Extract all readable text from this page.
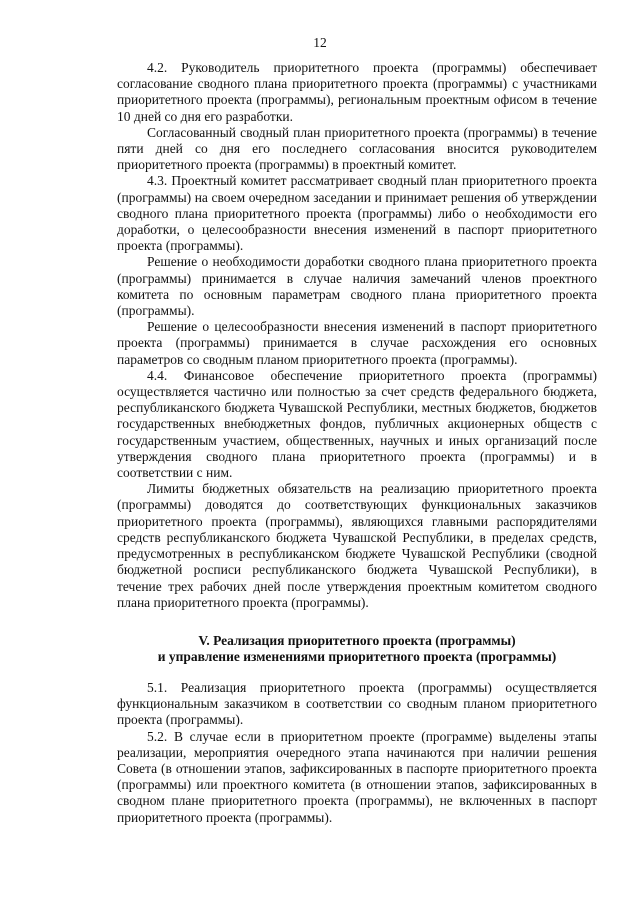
12

4.2. Руководитель приоритетного проекта (программы) обеспечивает согласование сводного плана приоритетного проекта (программы) с участниками приоритетного проекта (программы), региональным проектным офисом в течение 10 дней со дня его разработки.

Согласованный сводный план приоритетного проекта (программы) в течение пяти дней со дня его последнего согласования вносится руководителем приоритетного проекта (программы) в проектный комитет.

4.3. Проектный комитет рассматривает сводный план приоритетного проекта (программы) на своем очередном заседании и принимает решения об утверждении сводного плана приоритетного проекта (программы) либо о необходимости его доработки, о целесообразности внесения изменений в паспорт приоритетного проекта (программы).

Решение о необходимости доработки сводного плана приоритетного проекта (программы) принимается в случае наличия замечаний членов проектного комитета по основным параметрам сводного плана приоритетного проекта (программы).

Решение о целесообразности внесения изменений в паспорт приоритетного проекта (программы) принимается в случае расхождения его основных параметров со сводным планом приоритетного проекта (программы).

4.4. Финансовое обеспечение приоритетного проекта (программы) осуществляется частично или полностью за счет средств федерального бюджета, республиканского бюджета Чувашской Республики, местных бюджетов, бюджетов государственных внебюджетных фондов, публичных акционерных обществ с государственным участием, общественных, научных и иных организаций после утверждения сводного плана приоритетного проекта (программы) и в соответствии с ним.

Лимиты бюджетных обязательств на реализацию приоритетного проекта (программы) доводятся до соответствующих функциональных заказчиков приоритетного проекта (программы), являющихся главными распорядителями средств республиканского бюджета Чувашской Республики, в пределах средств, предусмотренных в республиканском бюджете Чувашской Республики (сводной бюджетной росписи республиканского бюджета Чувашской Республики), в течение трех рабочих дней после утверждения проектным комитетом сводного плана приоритетного проекта (программы).

V. Реализация приоритетного проекта (программы)
и управление изменениями приоритетного проекта (программы)

5.1. Реализация приоритетного проекта (программы) осуществляется функциональным заказчиком в соответствии со сводным планом приоритетного проекта (программы).

5.2. В случае если в приоритетном проекте (программе) выделены этапы реализации, мероприятия очередного этапа начинаются при наличии решения Совета (в отношении этапов, зафиксированных в паспорте приоритетного проекта (программы) или проектного комитета (в отношении этапов, зафиксированных в сводном плане приоритетного проекта (программы), не включенных в паспорт приоритетного проекта (программы).
